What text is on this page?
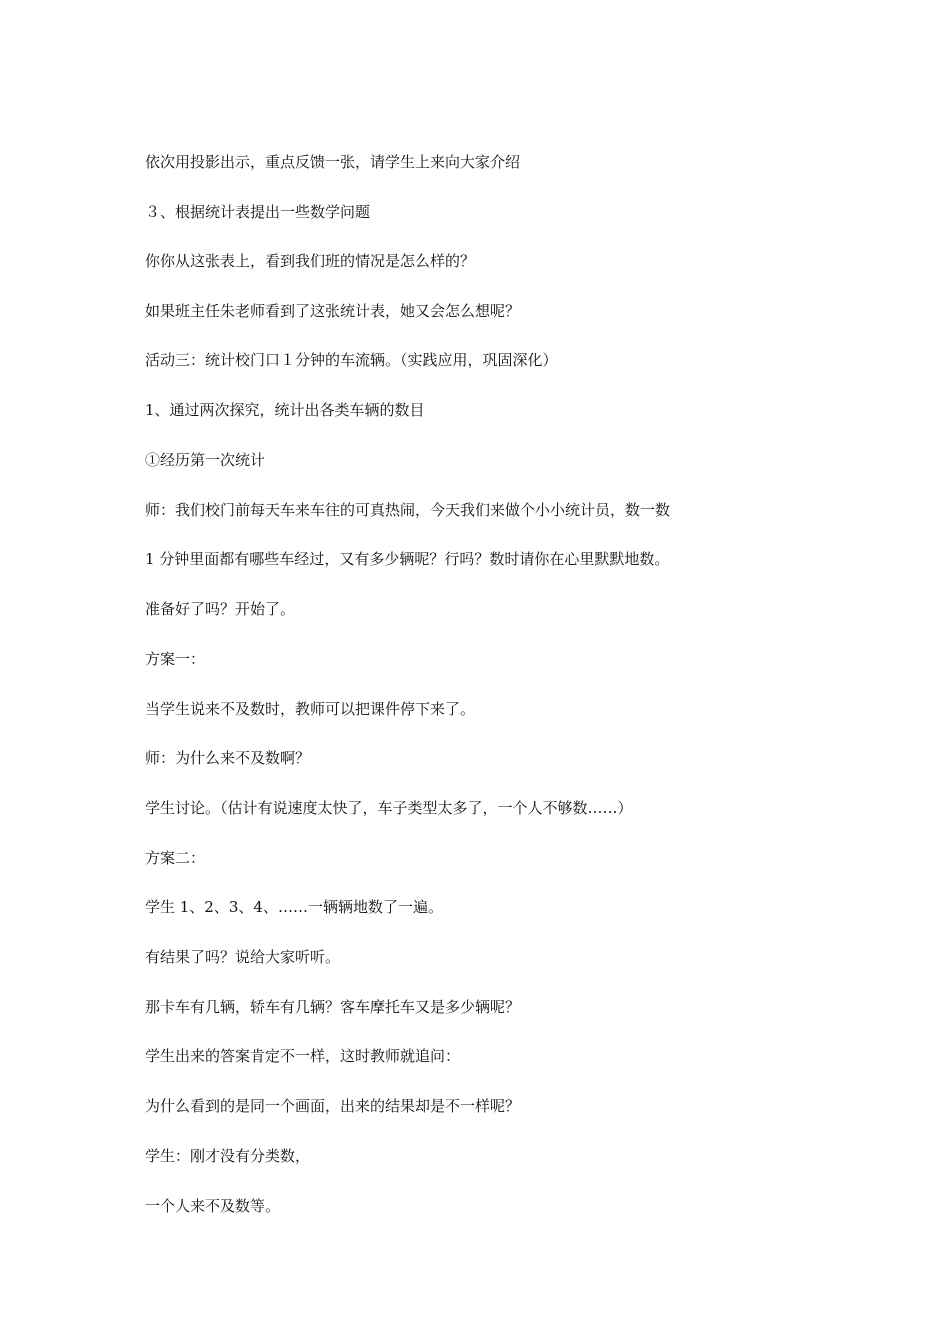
依次用投影出示，重点反馈一张，请学生上来向大家介绍
３、根据统计表提出一些数学问题
你你从这张表上，看到我们班的情况是怎么样的？
如果班主任朱老师看到了这张统计表，她又会怎么想呢？
活动三：统计校门口１分钟的车流辆。（实践应用，巩固深化）
1、通过两次探究，统计出各类车辆的数目
①经历第一次统计
师：我们校门前每天车来车往的可真热闹，今天我们来做个小小统计员，数一数
1 分钟里面都有哪些车经过，又有多少辆呢？行吗？数时请你在心里默默地数。
准备好了吗？开始了。
方案一：
当学生说来不及数时，教师可以把课件停下来了。
师：为什么来不及数啊？
学生讨论。（估计有说速度太快了，车子类型太多了，一个人不够数……）
方案二：
学生 1、2、3、4、……一辆辆地数了一遍。
有结果了吗？说给大家听听。
那卡车有几辆，轿车有几辆？客车摩托车又是多少辆呢？
学生出来的答案肯定不一样，这时教师就追问：
为什么看到的是同一个画面，出来的结果却是不一样呢？
学生：刚才没有分类数，
一个人来不及数等。
